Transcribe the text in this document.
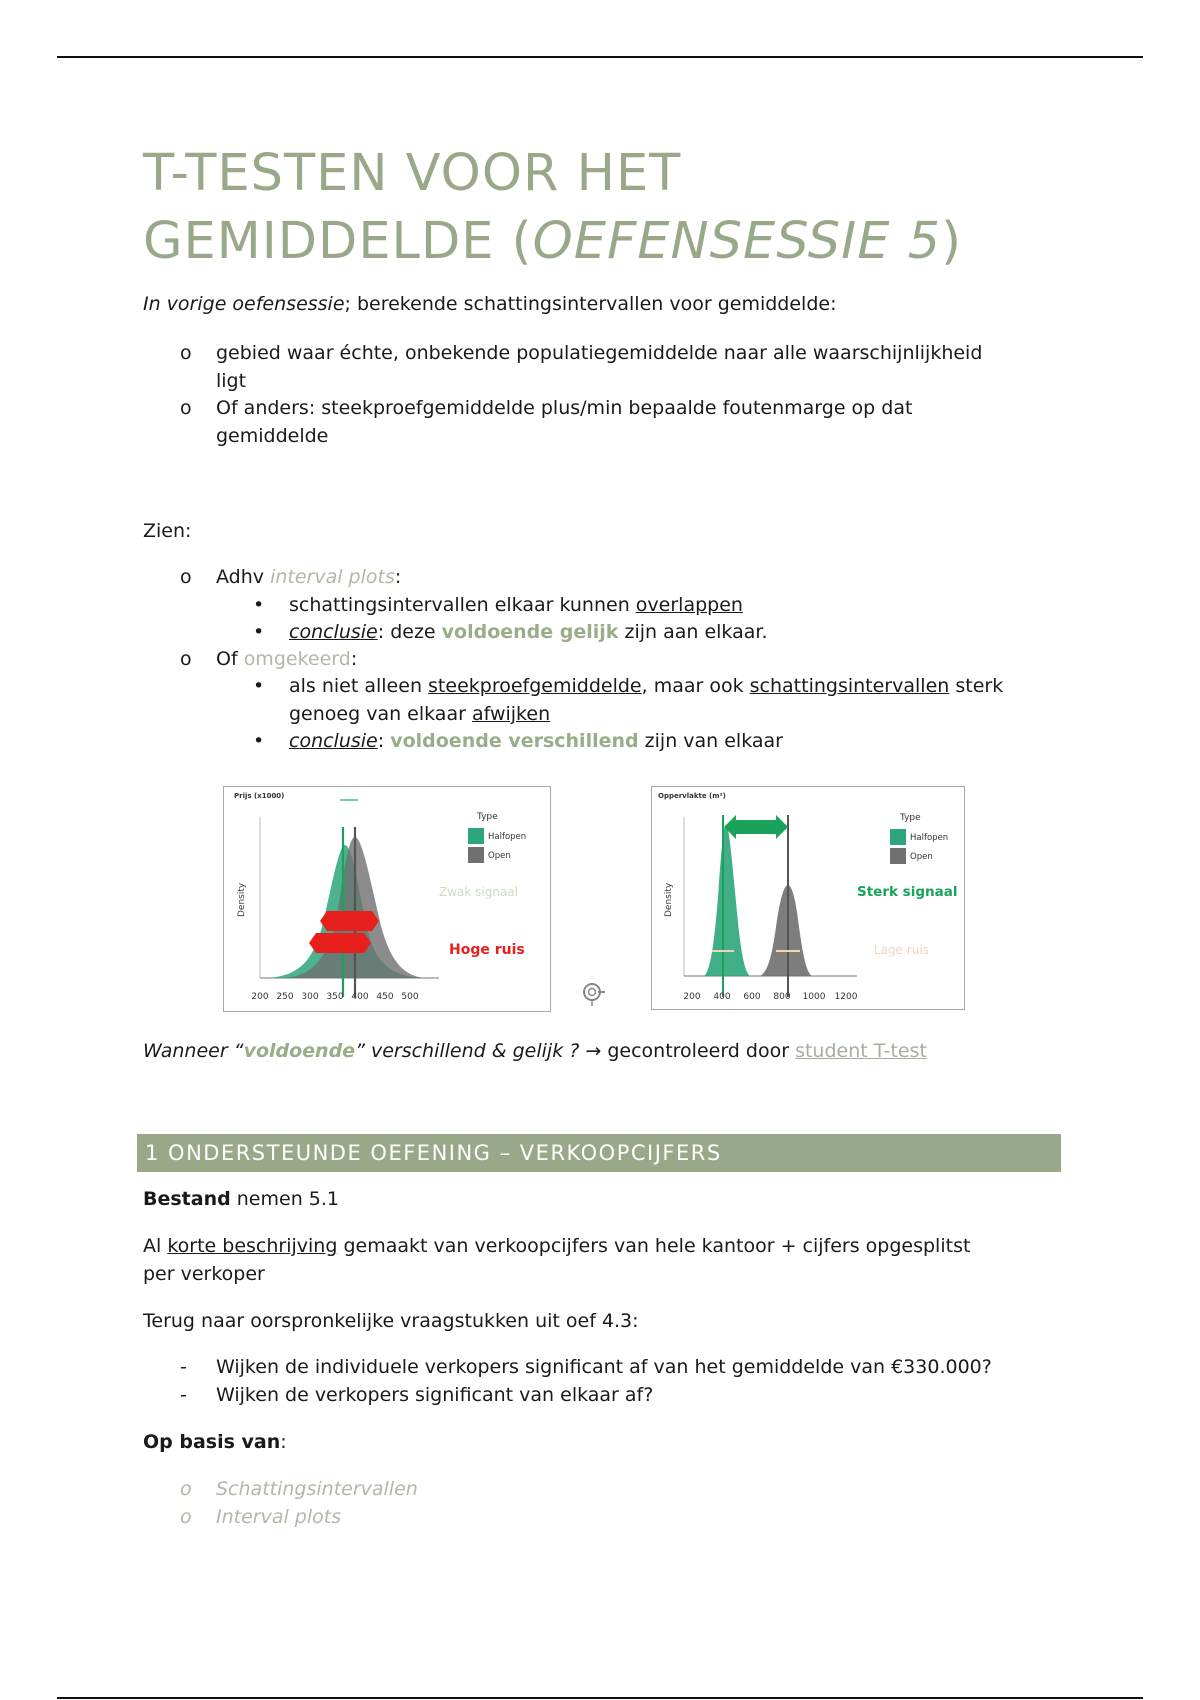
T-TESTEN VOOR HET
GEMIDDELDE (OEFENSESSIE 5)

In vorige oefensessie; berekende schattingsintervallen voor gemiddelde:

o gebied waar échte, onbekende populatiegemiddelde naar alle waarschijnlijkheid
ligt
o Of anders: steekproefgemiddelde plus/min bepaalde foutenmarge op dat
gemiddelde

Zien:

o Adhv interval plots:
• schattingsintervallen elkaar kunnen overlappen
• conclusie: deze voldoende gelijk zijn aan elkaar.
o Of omgekeerd:
• als niet alleen steekproefgemiddelde, maar ook schattingsintervallen sterk
genoeg van elkaar afwijken
• conclusie: voldoende verschillend zijn van elkaar
Prijs (x1000)
Density
Type
Halfopen
Open
Zwak signaal
Hoge ruis
200 250 300 350 400 450 500
Oppervlakte (m²)
Density
Type
Halfopen
Open
Sterk signaal
Lage ruis
200 400 600 800 1000 1200

Wanneer “voldoende” verschillend & gelijk ? → gecontroleerd door student T-test

1 ONDERSTEUNDE OEFENING – VERKOOPCIJFERS

Bestand nemen 5.1

Al korte beschrijving gemaakt van verkoopcijfers van hele kantoor + cijfers opgesplitst

per verkoper

Terug naar oorspronkelijke vraagstukken uit oef 4.3:

- Wijken de individuele verkopers significant af van het gemiddelde van €330.000?
- Wijken de verkopers significant van elkaar af?

Op basis van:

o Schattingsintervallen
o Interval plots
